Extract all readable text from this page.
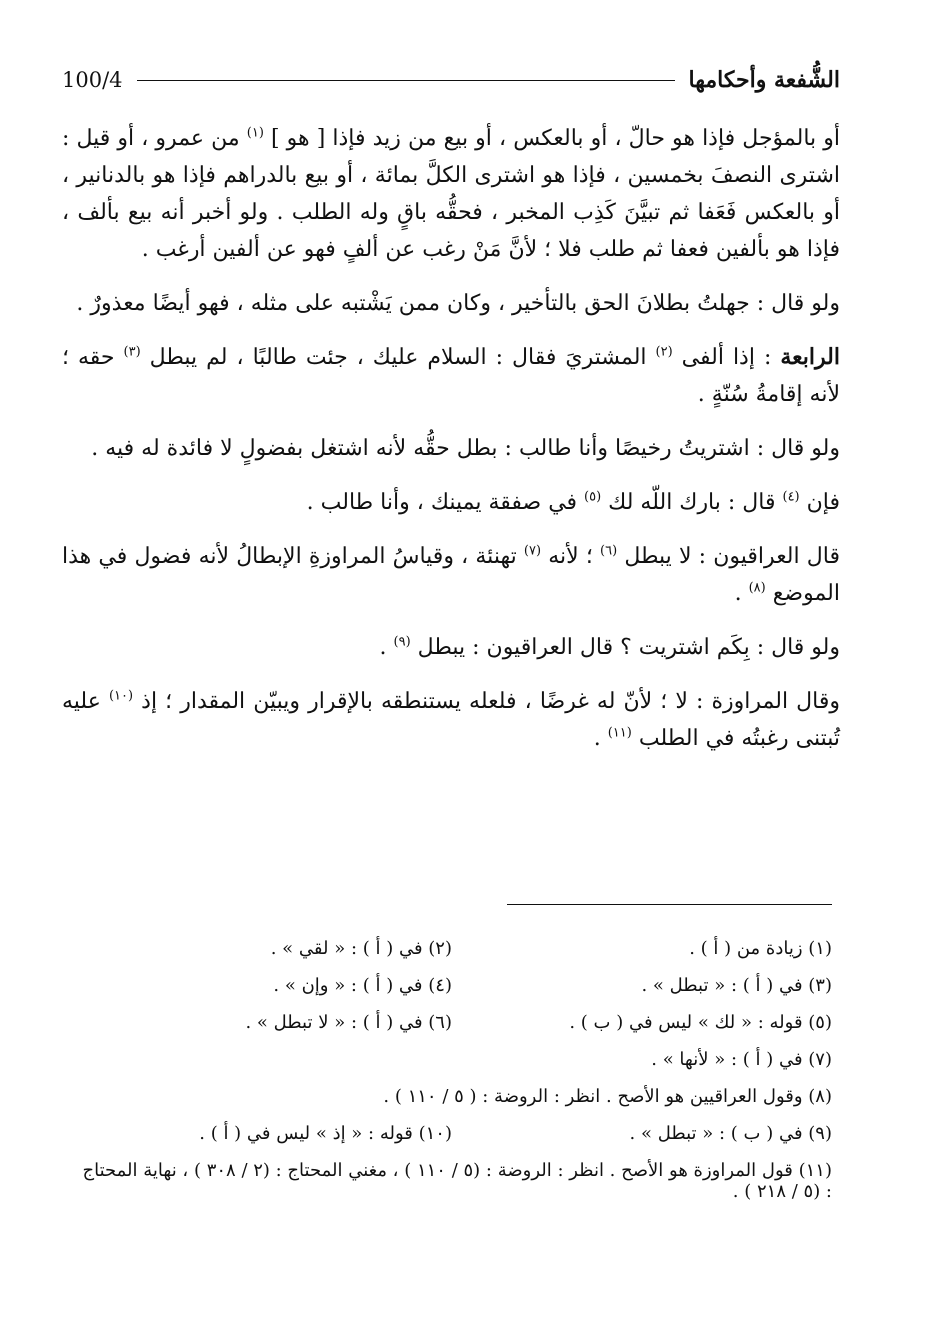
الشُّفعة وأحكامها
100/4

أو بالمؤجل فإذا هو حالّ ، أو بالعكس ، أو بيع من زيد فإذا [ هو ] $^{(١)}$ من عمرو ، أو قيل : اشترى النصفَ بخمسين ، فإذا هو اشترى الكلَّ بمائة ، أو بيع بالدراهم فإذا هو بالدنانير ، أو بالعكس فَعَفا ثم تبيَّنَ كَذِب المخبر ، فحقُّه باقٍ وله الطلب . ولو أخبر أنه بيع بألف ، فإذا هو بألفين فعفا ثم طلب فلا ؛ لأنَّ مَنْ رغب عن ألفٍ فهو عن ألفين أرغب .

ولو قال : جهلتُ بطلانَ الحق بالتأخير ، وكان ممن يَشْتبه على مثله ، فهو أيضًا معذورٌ .

الرابعة : إذا ألفى $^{(٢)}$ المشتريَ فقال : السلام عليك ، جئت طالبًا ، لم يبطل $^{(٣)}$ حقه ؛ لأنه إقامةُ سُنّةٍ .

ولو قال : اشتريتُ رخيصًا وأنا طالب : بطل حقُّه لأنه اشتغل بفضولٍ لا فائدة له فيه .

فإن $^{(٤)}$ قال : بارك اللّه لك $^{(٥)}$ في صفقة يمينك ، وأنا طالب .

قال العراقيون : لا يبطل $^{(٦)}$ ؛ لأنه $^{(٧)}$ تهنئة ، وقياسُ المراوزةِ الإبطالُ لأنه فضول في هذا الموضع $^{(٨)}$ .

ولو قال : بِكَم اشتريت ؟ قال العراقيون : يبطل $^{(٩)}$ .

وقال المراوزة : لا ؛ لأنّ له غرضًا ، فلعله يستنطقه بالإقرار ويبيّن المقدار ؛ إذ $^{(١٠)}$ عليه تُبتنى رغبتُه في الطلب $^{(١١)}$ .

(١) زيادة من ( أ ) .
(٢) في ( أ ) : « لقي » .
(٣) في ( أ ) : « تبطل » .
(٤) في ( أ ) : « وإن » .
(٥) قوله : « لك » ليس في ( ب ) .
(٦) في ( أ ) : « لا تبطل » .
(٧) في ( أ ) : « لأنها » .
(٨) وقول العراقيين هو الأصح . انظر : الروضة : ( ٥ / ١١٠ ) .
(٩) في ( ب ) : « تبطل » .
(١٠) قوله : « إذ » ليس في ( أ ) .
(١١) قول المراوزة هو الأصح . انظر : الروضة : (٥ / ١١٠ ) ، مغني المحتاج : (٢ / ٣٠٨ ) ، نهاية المحتاج : (٥ / ٢١٨ ) .
